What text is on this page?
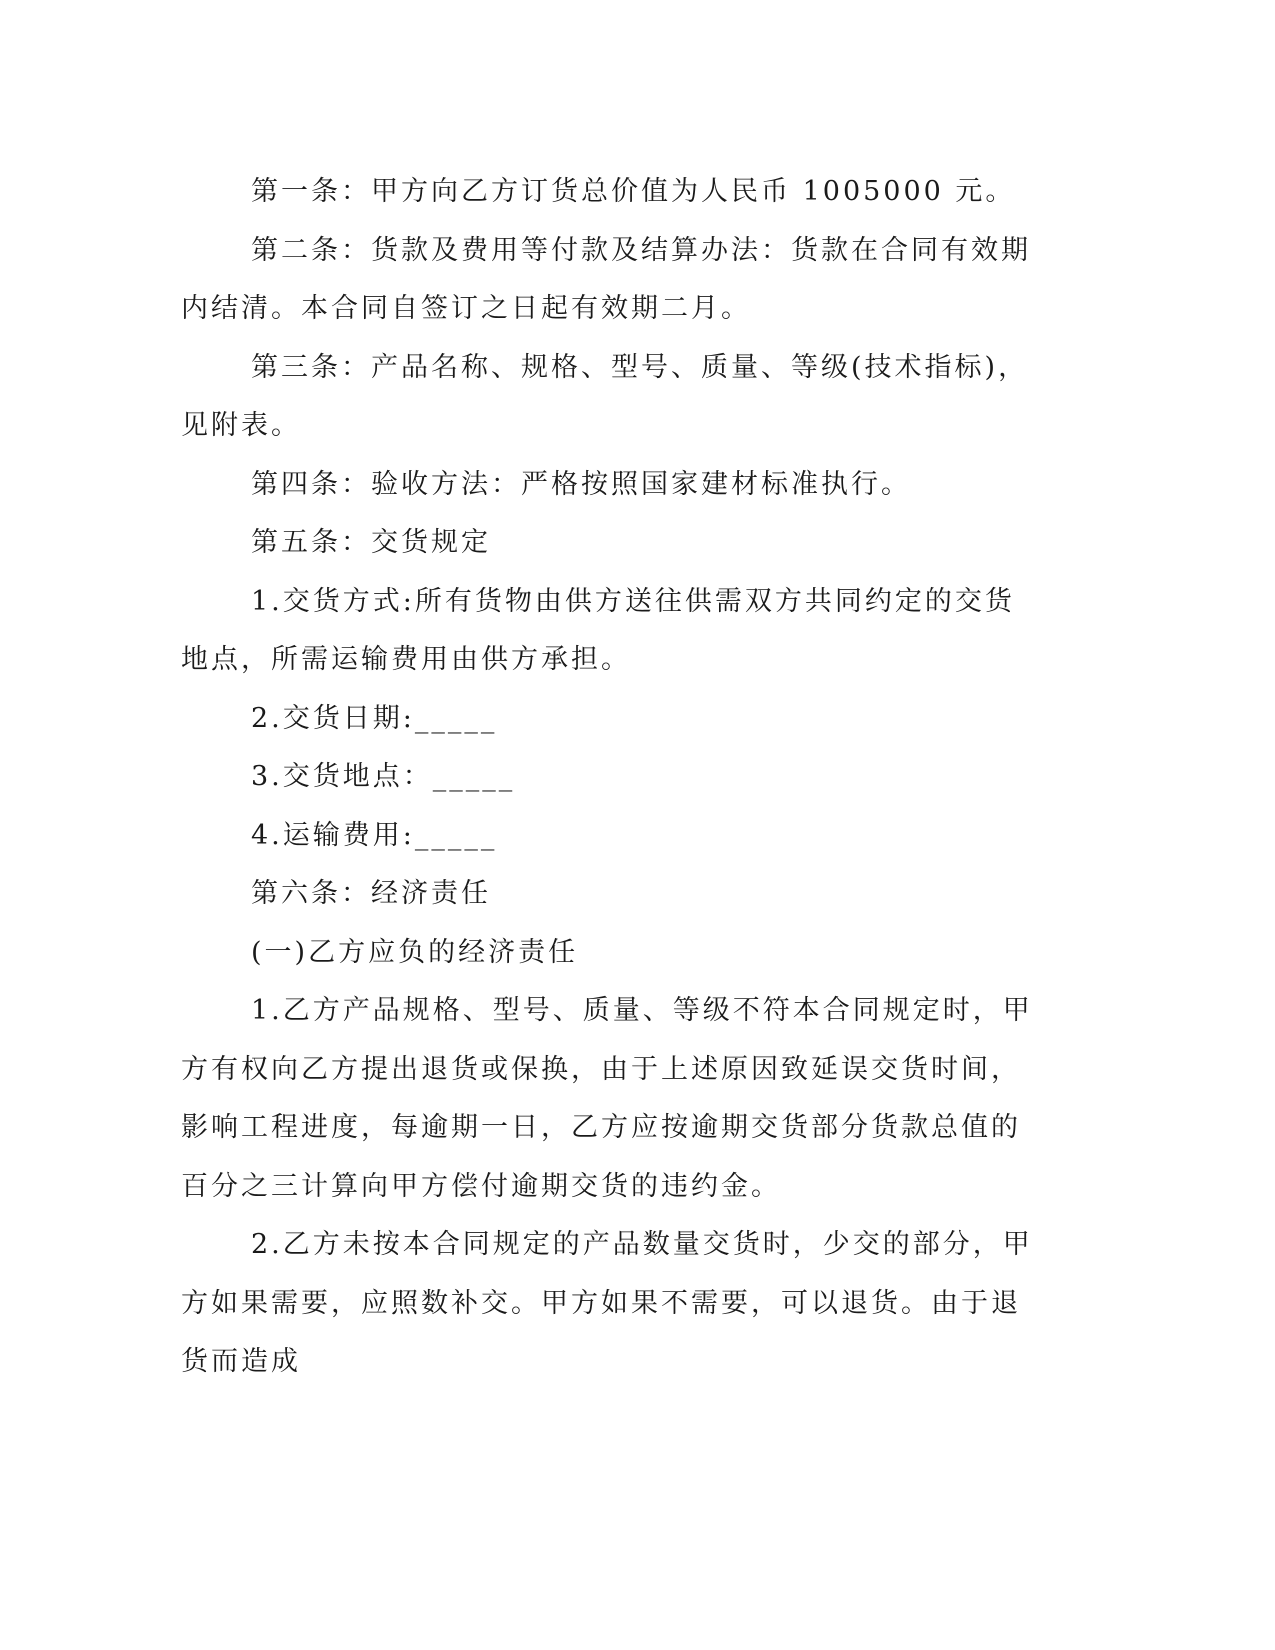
第一条：甲方向乙方订货总价值为人民币 1005000 元。

第二条：货款及费用等付款及结算办法：货款在合同有效期内结清。本合同自签订之日起有效期二月。

第三条：产品名称、规格、型号、质量、等级(技术指标)，见附表。

第四条：验收方法：严格按照国家建材标准执行。

第五条：交货规定

1.交货方式:所有货物由供方送往供需双方共同约定的交货地点，所需运输费用由供方承担。

2.交货日期:_____

3.交货地点：_____

4.运输费用:_____

第六条：经济责任

(一)乙方应负的经济责任

1.乙方产品规格、型号、质量、等级不符本合同规定时，甲方有权向乙方提出退货或保换，由于上述原因致延误交货时间，影响工程进度，每逾期一日，乙方应按逾期交货部分货款总值的百分之三计算向甲方偿付逾期交货的违约金。

2.乙方未按本合同规定的产品数量交货时，少交的部分，甲方如果需要，应照数补交。甲方如果不需要，可以退货。由于退货而造成
